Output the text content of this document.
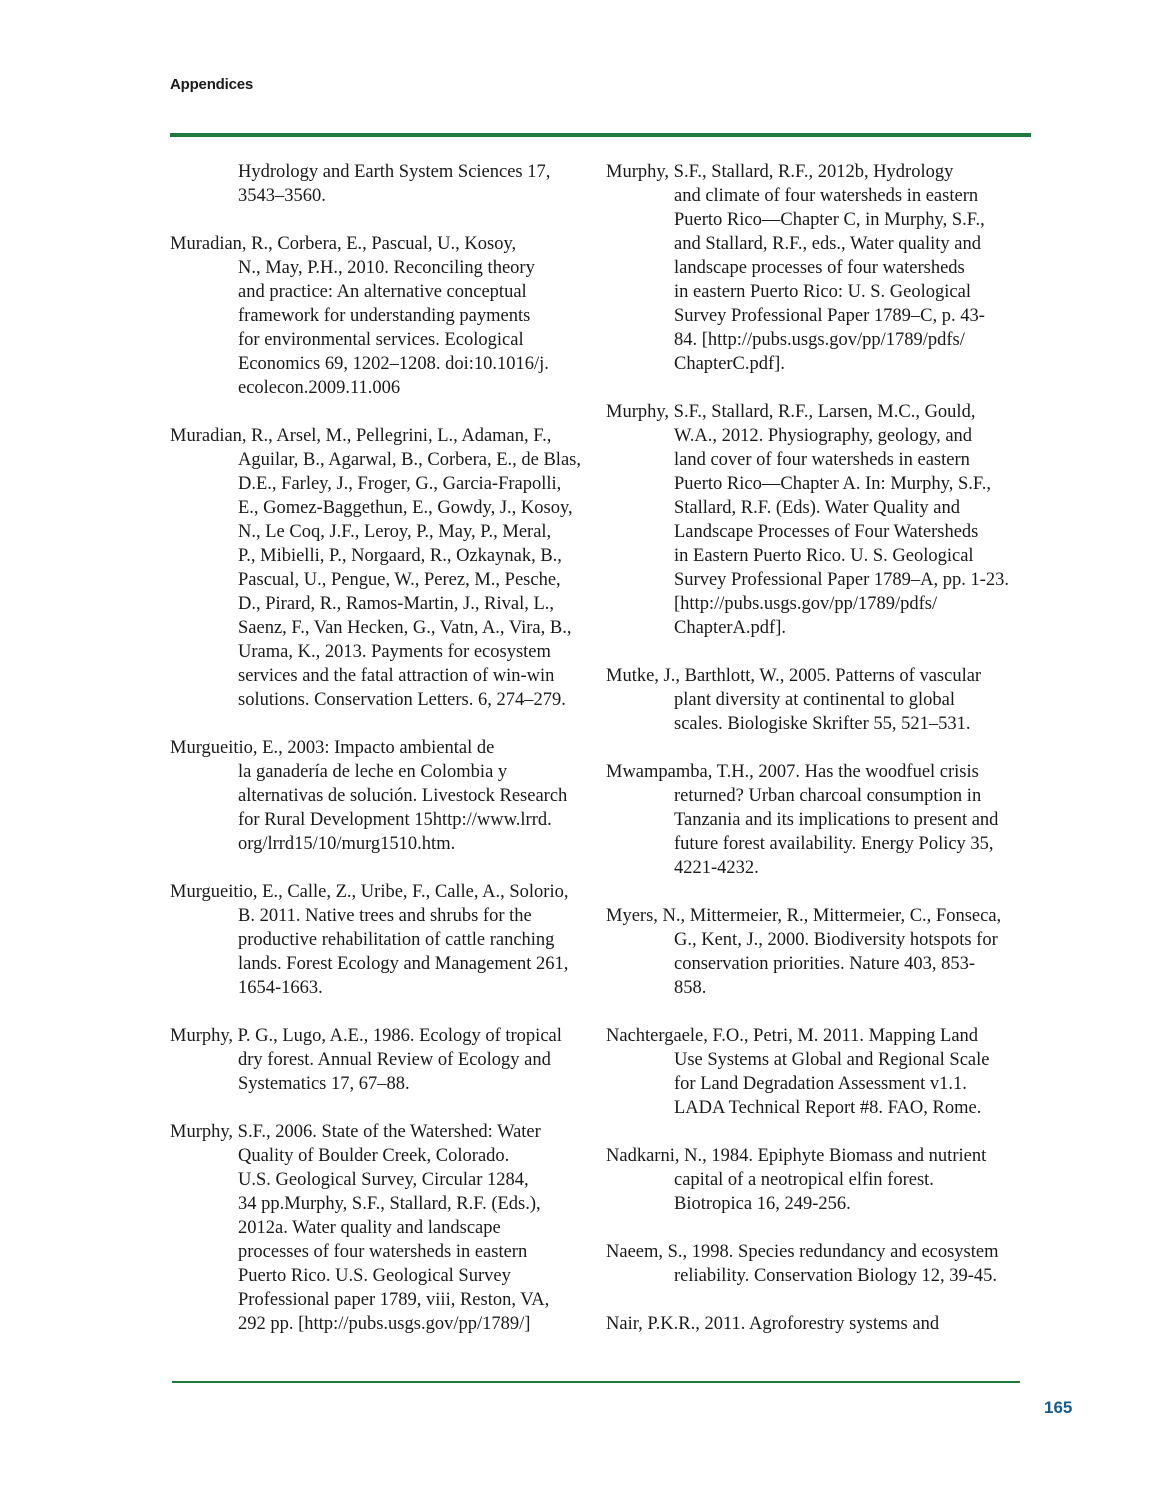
Appendices
Hydrology and Earth System Sciences 17,
3543–3560.
Muradian, R., Corbera, E., Pascual, U., Kosoy,
N., May, P.H., 2010. Reconciling theory
and practice: An alternative conceptual
framework for understanding payments
for environmental services. Ecological
Economics 69, 1202–1208. doi:10.1016/j.
ecolecon.2009.11.006
Muradian, R., Arsel, M., Pellegrini, L., Adaman, F.,
Aguilar, B., Agarwal, B., Corbera, E., de Blas,
D.E., Farley, J., Froger, G., Garcia-Frapolli,
E., Gomez-Baggethun, E., Gowdy, J., Kosoy,
N., Le Coq, J.F., Leroy, P., May, P., Meral,
P., Mibielli, P., Norgaard, R., Ozkaynak, B.,
Pascual, U., Pengue, W., Perez, M., Pesche,
D., Pirard, R., Ramos-Martin, J., Rival, L.,
Saenz, F., Van Hecken, G., Vatn, A., Vira, B.,
Urama, K., 2013. Payments for ecosystem
services and the fatal attraction of win-win
solutions. Conservation Letters. 6, 274–279.
Murgueitio, E., 2003: Impacto ambiental de
la ganadería de leche en Colombia y
alternativas de solución. Livestock Research
for Rural Development 15http://www.lrrd.
org/lrrd15/10/murg1510.htm.
Murgueitio, E., Calle, Z., Uribe, F., Calle, A., Solorio,
B. 2011. Native trees and shrubs for the
productive rehabilitation of cattle ranching
lands. Forest Ecology and Management 261,
1654-1663.
Murphy, P. G., Lugo, A.E., 1986. Ecology of tropical
dry forest. Annual Review of Ecology and
Systematics 17, 67–88.
Murphy, S.F., 2006. State of the Watershed: Water
Quality of Boulder Creek, Colorado.
U.S. Geological Survey, Circular 1284,
34 pp.Murphy, S.F., Stallard, R.F. (Eds.),
2012a. Water quality and landscape
processes of four watersheds in eastern
Puerto Rico. U.S. Geological Survey
Professional paper 1789, viii, Reston, VA,
292 pp. [http://pubs.usgs.gov/pp/1789/]
Murphy, S.F., Stallard, R.F., 2012b, Hydrology
and climate of four watersheds in eastern
Puerto Rico—Chapter C, in Murphy, S.F.,
and Stallard, R.F., eds., Water quality and
landscape processes of four watersheds
in eastern Puerto Rico: U. S. Geological
Survey Professional Paper 1789–C, p. 43-
84. [http://pubs.usgs.gov/pp/1789/pdfs/
ChapterC.pdf].
Murphy, S.F., Stallard, R.F., Larsen, M.C., Gould,
W.A., 2012. Physiography, geology, and
land cover of four watersheds in eastern
Puerto Rico—Chapter A. In: Murphy, S.F.,
Stallard, R.F. (Eds). Water Quality and
Landscape Processes of Four Watersheds
in Eastern Puerto Rico. U. S. Geological
Survey Professional Paper 1789–A, pp. 1-23.
[http://pubs.usgs.gov/pp/1789/pdfs/
ChapterA.pdf].
Mutke, J., Barthlott, W., 2005. Patterns of vascular
plant diversity at continental to global
scales. Biologiske Skrifter 55, 521–531.
Mwampamba, T.H., 2007. Has the woodfuel crisis
returned? Urban charcoal consumption in
Tanzania and its implications to present and
future forest availability. Energy Policy 35,
4221-4232.
Myers, N., Mittermeier, R., Mittermeier, C., Fonseca,
G., Kent, J., 2000. Biodiversity hotspots for
conservation priorities. Nature 403, 853-
858.
Nachtergaele, F.O., Petri, M. 2011. Mapping Land
Use Systems at Global and Regional Scale
for Land Degradation Assessment v1.1.
LADA Technical Report #8. FAO, Rome.
Nadkarni, N., 1984. Epiphyte Biomass and nutrient
capital of a neotropical elfin forest.
Biotropica 16, 249-256.
Naeem, S., 1998. Species redundancy and ecosystem
reliability. Conservation Biology 12, 39-45.
Nair, P.K.R., 2011. Agroforestry systems and
165
